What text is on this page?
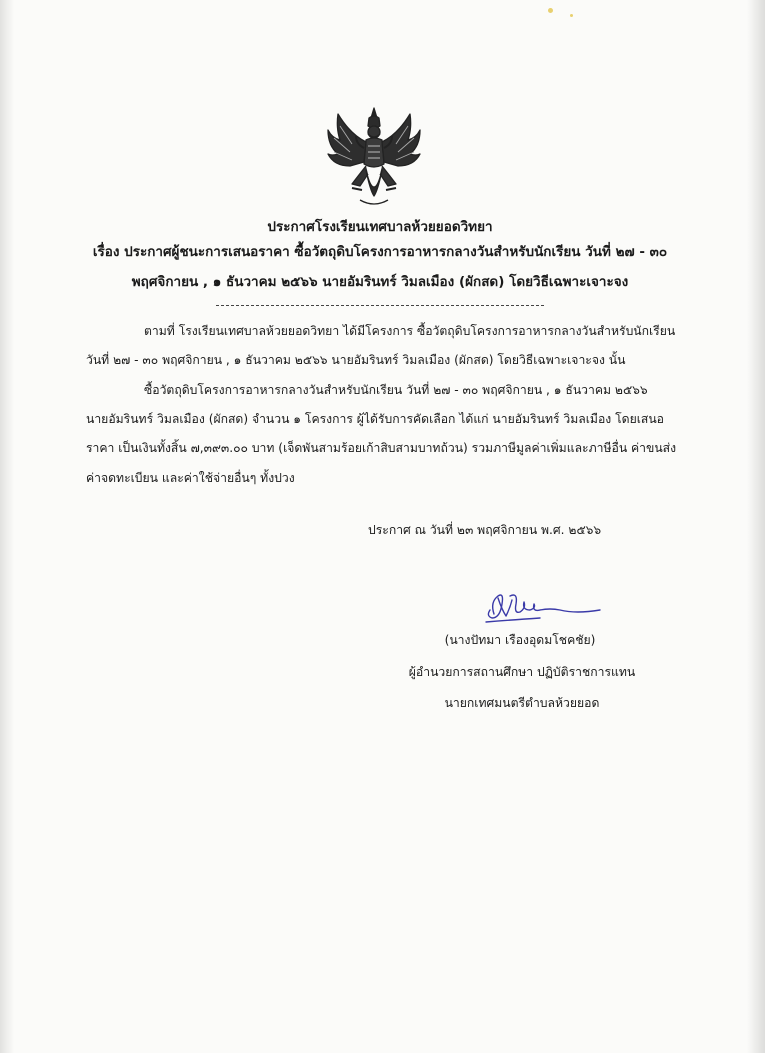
ประกาศโรงเรียนเทศบาลห้วยยอดวิทยา
เรื่อง ประกาศผู้ชนะการเสนอราคา ซื้อวัตถุดิบโครงการอาหารกลางวันสำหรับนักเรียน วันที่ ๒๗ - ๓๐
พฤศจิกายน , ๑ ธันวาคม ๒๕๖๖ นายอัมรินทร์ วิมลเมือง (ผักสด) โดยวิธีเฉพาะเจาะจง
ตามที่ โรงเรียนเทศบาลห้วยยอดวิทยา ได้มีโครงการ ซื้อวัตถุดิบโครงการอาหารกลางวันสำหรับนักเรียน
วันที่ ๒๗ - ๓๐ พฤศจิกายน , ๑ ธันวาคม ๒๕๖๖ นายอัมรินทร์ วิมลเมือง (ผักสด) โดยวิธีเฉพาะเจาะจง นั้น
ซื้อวัตถุดิบโครงการอาหารกลางวันสำหรับนักเรียน วันที่ ๒๗ - ๓๐ พฤศจิกายน , ๑ ธันวาคม ๒๕๖๖
นายอัมรินทร์ วิมลเมือง (ผักสด) จำนวน ๑ โครงการ ผู้ได้รับการคัดเลือก ได้แก่ นายอัมรินทร์ วิมลเมือง โดยเสนอ
ราคา เป็นเงินทั้งสิ้น ๗,๓๙๓.๐๐ บาท (เจ็ดพันสามร้อยเก้าสิบสามบาทถ้วน) รวมภาษีมูลค่าเพิ่มและภาษีอื่น ค่าขนส่ง
ค่าจดทะเบียน และค่าใช้จ่ายอื่นๆ ทั้งปวง
ประกาศ ณ วันที่ ๒๓ พฤศจิกายน พ.ศ. ๒๕๖๖
(นางปัทมา เรืองอุดมโชคชัย)
ผู้อำนวยการสถานศึกษา ปฏิบัติราชการแทน
นายกเทศมนตรีตำบลห้วยยอด
